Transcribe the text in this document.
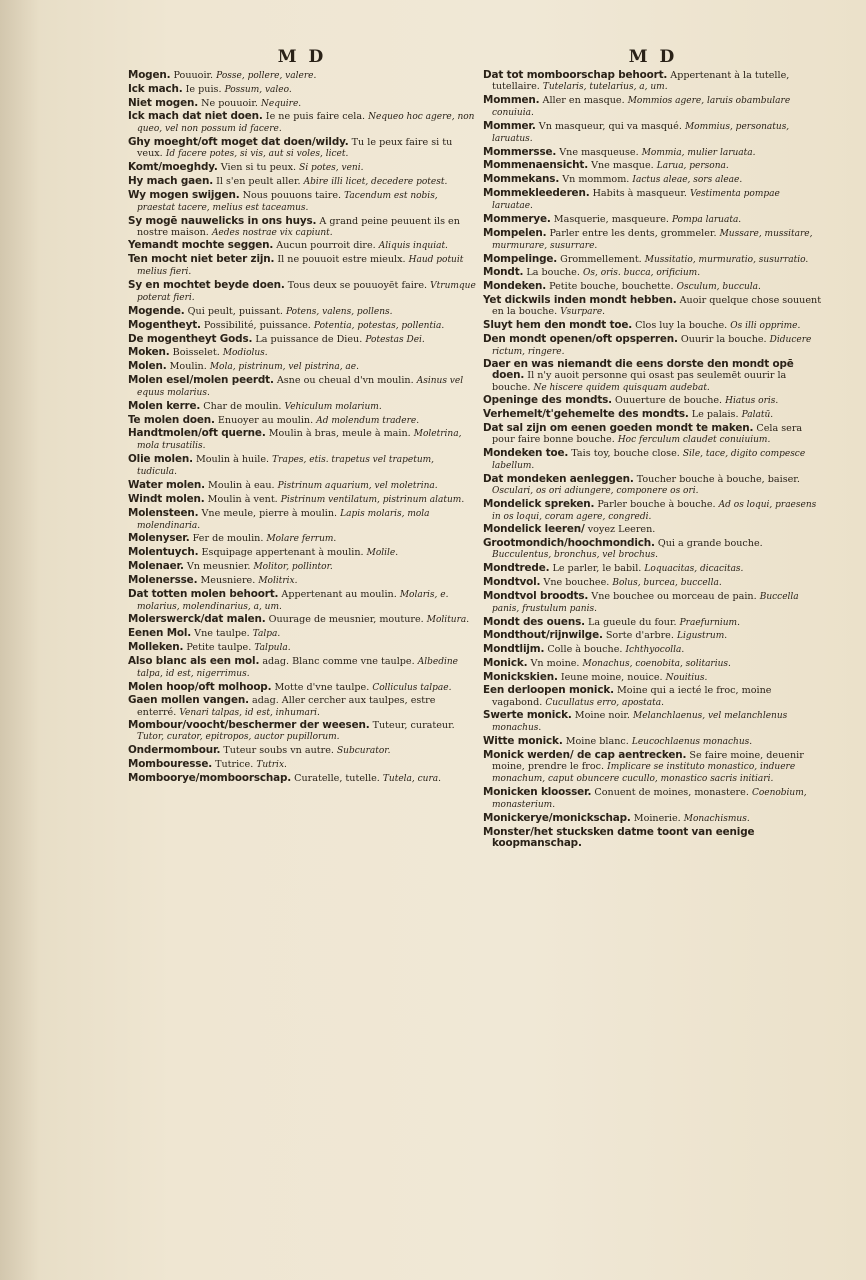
M D

Mogen. Pouuoir. Posse, pollere, valere.

Ick mach. Ie puis. Possum, valeo.

Niet mogen. Ne pouuoir. Nequire.

Ick mach dat niet doen. Ie ne puis faire cela. Nequeo hoc agere, non queo, vel non possum id facere.

Ghy moeght/oft moget dat doen/wildy. Tu le peux faire si tu veux. Id facere potes, si vis, aut si voles, licet.

Komt/moeghdy. Vien si tu peux. Si potes, veni.

Hy mach gaen. Il s'en peult aller. Abire illi licet, decedere potest.

Wy mogen swijgen. Nous pouuons taire. Tacendum est nobis, praestat tacere, melius est taceamus.

Sy mogē nauwelicks in ons huys. A grand peine peuuent ils en nostre maison. Aedes nostrae vix capiunt.

Yemandt mochte seggen. Aucun pourroit dire. Aliquis inquiat.

Ten mocht niet beter zijn. Il ne pouuoit estre mieulx. Haud potuit melius fieri.

Sy en mochtet beyde doen. Tous deux se pouuoyēt faire. Vtrumque poterat fieri.

Mogende. Qui peult, puissant. Potens, valens, pollens.

Mogentheyt. Possibilité, puissance. Potentia, potestas, pollentia.

De mogentheyt Gods. La puissance de Dieu. Potestas Dei.

Moken. Boisselet. Modiolus.

Molen. Moulin. Mola, pistrinum, vel pistrina, ae.

Molen esel/molen peerdt. Asne ou cheual d'vn moulin. Asinus vel equus molarius.

Molen kerre. Char de moulin. Vehiculum molarium.

Te molen doen. Enuoyer au moulin. Ad molendum tradere.

Handtmolen/oft querne. Moulin à bras, meule à main. Moletrina, mola trusatilis.

Olie molen. Moulin à huile. Trapes, etis. trapetus vel trapetum, tudicula.

Water molen. Moulin à eau. Pistrinum aquarium, vel moletrina.

Windt molen. Moulin à vent. Pistrinum ventilatum, pistrinum alatum.

Molensteen. Vne meule, pierre à moulin. Lapis molaris, mola molendinaria.

Molenyser. Fer de moulin. Molare ferrum.

Molentuych. Esquipage appertenant à moulin. Molile.

Molenaer. Vn meusnier. Molitor, pollintor.

Molenersse. Meusniere. Molitrix.

Dat totten molen behoort. Appertenant au moulin. Molaris, e. molarius, molendinarius, a, um.

Molerswerck/dat malen. Ouurage de meusnier, mouture. Molitura.

Eenen Mol. Vne taulpe. Talpa.

Molleken. Petite taulpe. Talpula.

Also blanc als een mol. adag. Blanc comme vne taulpe. Albedine talpa, id est, nigerrimus.

Molen hoop/oft molhoop. Motte d'vne taulpe. Colliculus talpae.

Gaen mollen vangen. adag. Aller cercher aux taulpes, estre enterré. Venari talpas, id est, inhumari.

Mombour/voocht/beschermer der weesen. Tuteur, curateur. Tutor, curator, epitropos, auctor pupillorum.

Ondermombour. Tuteur soubs vn autre. Subcurator.

Mombouresse. Tutrice. Tutrix.

Momboorye/momboorschap. Curatelle, tutelle. Tutela, cura.

M D

Dat tot momboorschap behoort. Appertenant à la tutelle, tutellaire. Tutelaris, tutelarius, a, um.

Mommen. Aller en masque. Mommios agere, laruis obambulare conuiuia.

Mommer. Vn masqueur, qui va masqué. Mommius, personatus, laruatus.

Mommersse. Vne masqueuse. Mommia, mulier laruata.

Mommenaensicht. Vne masque. Larua, persona.

Mommekans. Vn mommom. Iactus aleae, sors aleae.

Mommekleederen. Habits à masqueur. Vestimenta pompae laruatae.

Mommerye. Masquerie, masqueure. Pompa laruata.

Mompelen. Parler entre les dents, grommeler. Mussare, mussitare, murmurare, susurrare.

Mompelinge. Grommellement. Mussitatio, murmuratio, susurratio.

Mondt. La bouche. Os, oris. bucca, orificium.

Mondeken. Petite bouche, bouchette. Osculum, buccula.

Yet dickwils inden mondt hebben. Auoir quelque chose souuent en la bouche. Vsurpare.

Sluyt hem den mondt toe. Clos luy la bouche. Os illi opprime.

Den mondt openen/oft opsperren. Ouurir la bouche. Diducere rictum, ringere.

Daer en was niemandt die eens dorste den mondt opē doen. Il n'y auoit personne qui osast pas seulemēt ouurir la bouche. Ne hiscere quidem quisquam audebat.

Openinge des mondts. Ouuerture de bouche. Hiatus oris.

Verhemelt/t'gehemelte des mondts. Le palais. Palatū.

Dat sal zijn om eenen goeden mondt te maken. Cela sera pour faire bonne bouche. Hoc ferculum claudet conuiuium.

Mondeken toe. Tais toy, bouche close. Sile, tace, digito compesce labellum.

Dat mondeken aenleggen. Toucher bouche à bouche, baiser. Osculari, os ori adiungere, componere os ori.

Mondelick spreken. Parler bouche à bouche. Ad os loqui, praesens in os loqui, coram agere, congredi.

Mondelick leeren/ voyez Leeren.

Grootmondich/hoochmondich. Qui a grande bouche. Bucculentus, bronchus, vel brochus.

Mondtrede. Le parler, le babil. Loquacitas, dicacitas.

Mondtvol. Vne bouchee. Bolus, burcea, buccella.

Mondtvol broodts. Vne bouchee ou morceau de pain. Buccella panis, frustulum panis.

Mondt des ouens. La gueule du four. Praefurnium.

Mondthout/rijnwilge. Sorte d'arbre. Ligustrum.

Mondtlijm. Colle à bouche. Ichthyocolla.

Monick. Vn moine. Monachus, coenobita, solitarius.

Monickskien. Ieune moine, nouice. Nouitius.

Een derloopen monick. Moine qui a iecté le froc, moine vagabond. Cucullatus erro, apostata.

Swerte monick. Moine noir. Melanchlaenus, vel melanchlenus monachus.

Witte monick. Moine blanc. Leucochlaenus monachus.

Monick werden/ de cap aentrecken. Se faire moine, deuenir moine, prendre le froc. Implicare se instituto monastico, induere monachum, caput obuncere cucullo, monastico sacris initiari.

Monicken kloosser. Conuent de moines, monastere. Coenobium, monasterium.

Monickerye/monickschap. Moinerie. Monachismus.

Monster/het stucksken datme toont van eenige koopmanschap.
